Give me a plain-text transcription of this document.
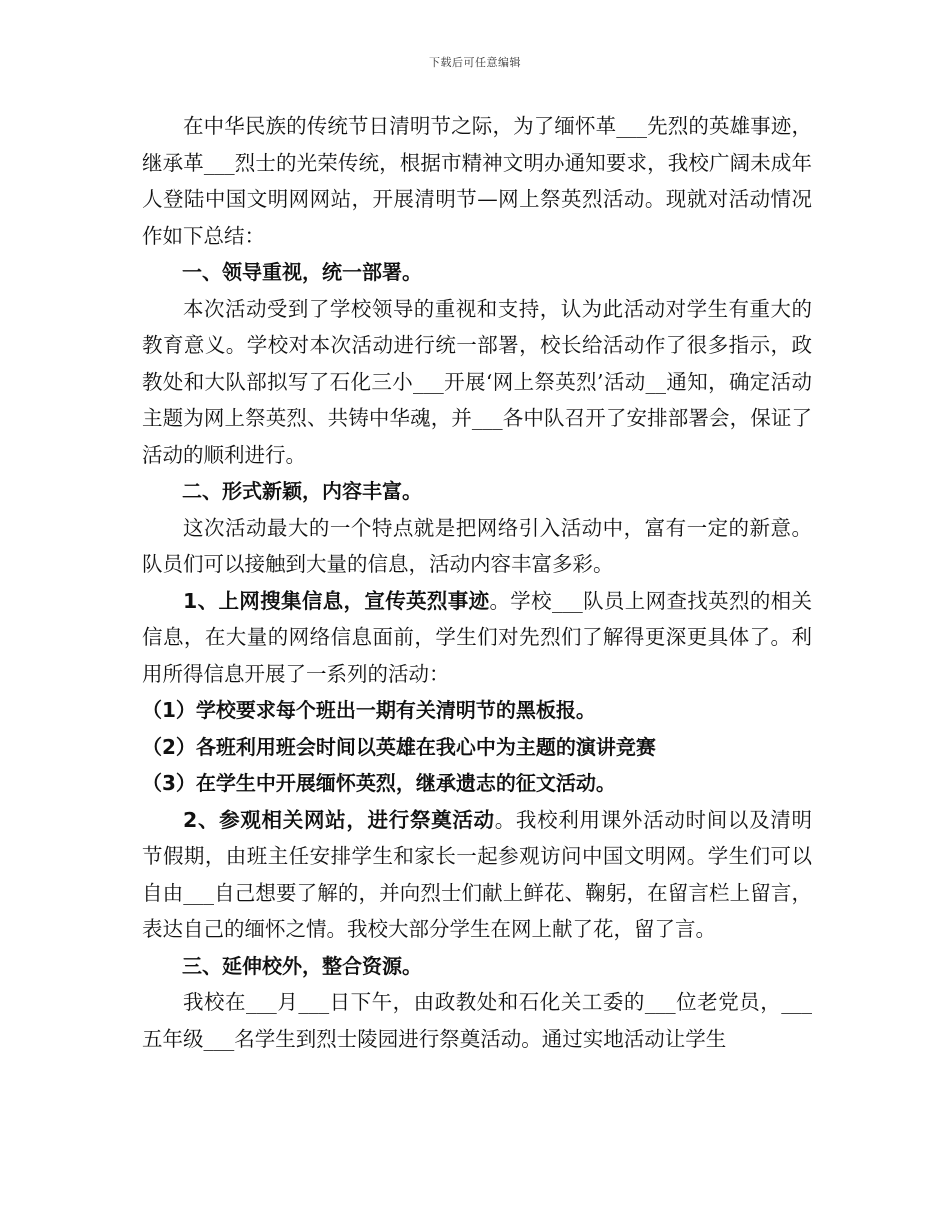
下载后可任意编辑

在中华民族的传统节日清明节之际，为了缅怀革___先烈的英雄事迹，继承革___烈士的光荣传统，根据市精神文明办通知要求，我校广阔未成年人登陆中国文明网网站，开展清明节—网上祭英烈活动。现就对活动情况作如下总结：

一、领导重视，统一部署。

本次活动受到了学校领导的重视和支持，认为此活动对学生有重大的教育意义。学校对本次活动进行统一部署，校长给活动作了很多指示，政教处和大队部拟写了石化三小___开展‘网上祭英烈’活动__通知，确定活动主题为网上祭英烈、共铸中华魂，并___各中队召开了安排部署会，保证了活动的顺利进行。

二、形式新颖，内容丰富。

这次活动最大的一个特点就是把网络引入活动中，富有一定的新意。队员们可以接触到大量的信息，活动内容丰富多彩。

1、上网搜集信息，宣传英烈事迹。学校___队员上网查找英烈的相关信息，在大量的网络信息面前，学生们对先烈们了解得更深更具体了。利用所得信息开展了一系列的活动：

（1）学校要求每个班出一期有关清明节的黑板报。

（2）各班利用班会时间以英雄在我心中为主题的演讲竞赛

（3）在学生中开展缅怀英烈，继承遗志的征文活动。

2、参观相关网站，进行祭奠活动。我校利用课外活动时间以及清明节假期，由班主任安排学生和家长一起参观访问中国文明网。学生们可以自由___自己想要了解的，并向烈士们献上鲜花、鞠躬，在留言栏上留言，表达自己的缅怀之情。我校大部分学生在网上献了花，留了言。

三、延伸校外，整合资源。

我校在___月___日下午，由政教处和石化关工委的___位老党员，___五年级___名学生到烈士陵园进行祭奠活动。通过实地活动让学生
